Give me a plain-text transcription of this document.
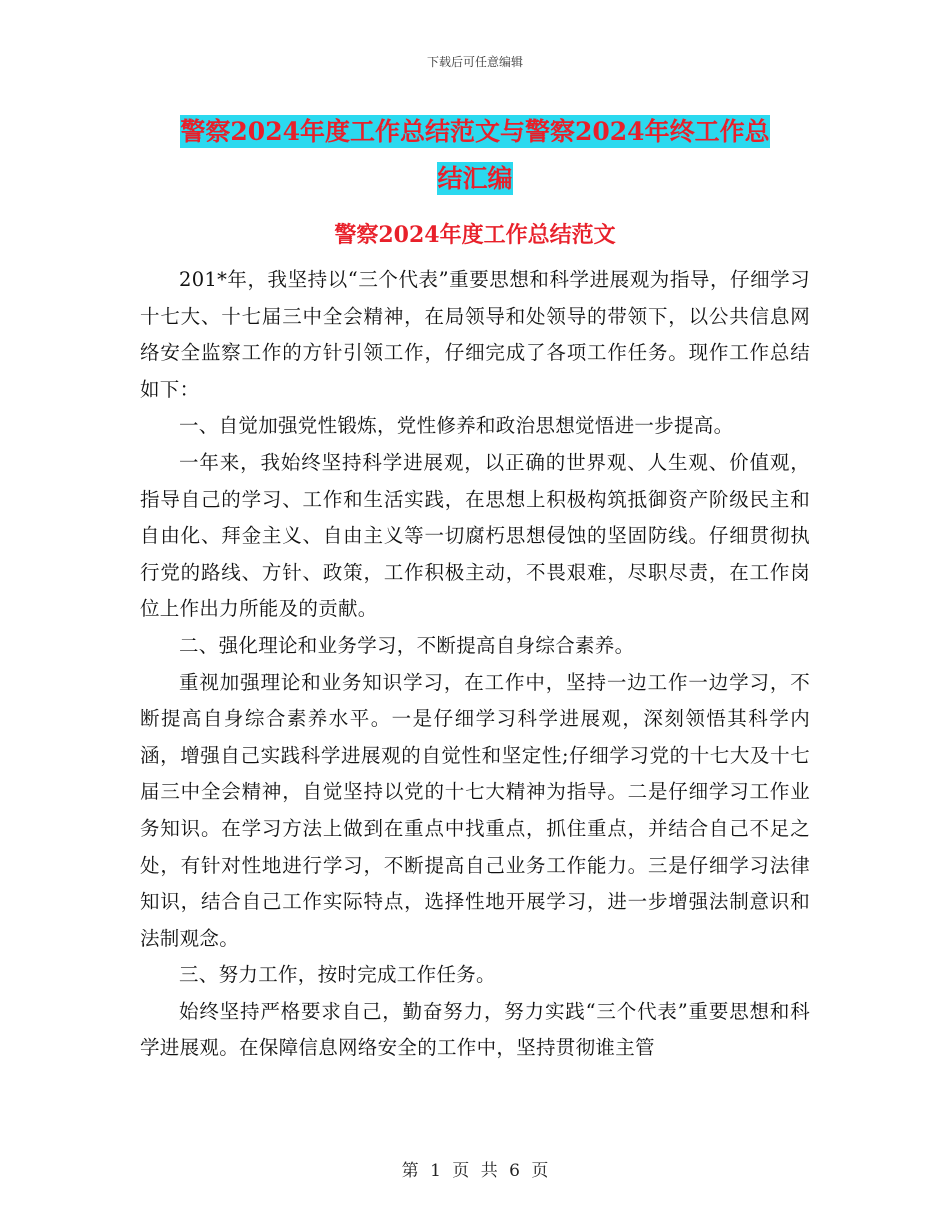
下载后可任意编辑
警察2024年度工作总结范文与警察2024年终工作总
结汇编
警察2024年度工作总结范文

201*年，我坚持以“三个代表”重要思想和科学进展观为指导，仔细学习十七大、十七届三中全会精神，在局领导和处领导的带领下，以公共信息网络安全监察工作的方针引领工作，仔细完成了各项工作任务。现作工作总结如下：

一、自觉加强党性锻炼，党性修养和政治思想觉悟进一步提高。

一年来，我始终坚持科学进展观，以正确的世界观、人生观、价值观，指导自己的学习、工作和生活实践，在思想上积极构筑抵御资产阶级民主和自由化、拜金主义、自由主义等一切腐朽思想侵蚀的坚固防线。仔细贯彻执行党的路线、方针、政策，工作积极主动，不畏艰难，尽职尽责，在工作岗位上作出力所能及的贡献。

二、强化理论和业务学习，不断提高自身综合素养。

重视加强理论和业务知识学习，在工作中，坚持一边工作一边学习，不断提高自身综合素养水平。一是仔细学习科学进展观，深刻领悟其科学内涵，增强自己实践科学进展观的自觉性和坚定性;仔细学习党的十七大及十七届三中全会精神，自觉坚持以党的十七大精神为指导。二是仔细学习工作业务知识。在学习方法上做到在重点中找重点，抓住重点，并结合自己不足之处，有针对性地进行学习，不断提高自己业务工作能力。三是仔细学习法律知识，结合自己工作实际特点，选择性地开展学习，进一步增强法制意识和法制观念。

三、努力工作，按时完成工作任务。

始终坚持严格要求自己，勤奋努力，努力实践“三个代表”重要思想和科学进展观。在保障信息网络安全的工作中，坚持贯彻谁主管

第 1 页 共 6 页
